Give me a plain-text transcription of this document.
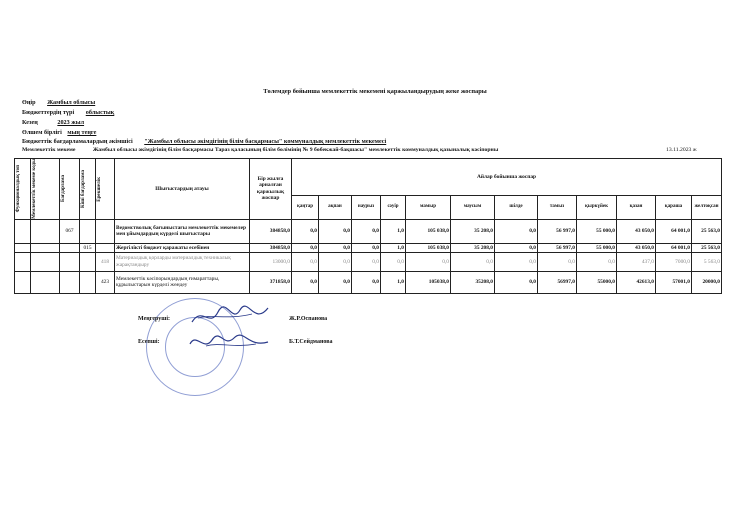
Төлемдер бойынша мемлекеттік мекемені қаржыландырудың жеке жоспары
Өңір Жамбыл облысы
Бюджеттердің түрі облыстық
Кезең	2023 жыл
Өлшем бірлігі мың теңге
Бюджеттік бағдарламалардың әкімшісі "Жамбыл облысы әкімдігінің білім басқармасы" коммуналдық мемлекеттік мекемесі
Мемлекеттік мекеме	Жамбыл облысы әкімдігінің білім басқармасы Тараз қаласының білім бөлімінің № 9 бөбекжай-бақшасы" мемлекеттік коммуналдық қазыналық кәсіпорны	13.11.2023 ж
Функционалдық топ	Мемлекеттік мекеме коды	Бағдарлама	Кіші бағдарлама	Ерекшелік	Шығыстардың атауы	Бір жылға арналған қаржылық жоспар	Айлар бойынша жоспар											
							қаңтар	ақпан	наурыз	сәуір	мамыр	маусым	шілде	тамыз	қыркүйек	қазан	қараша	желтоқсан
		067			Ведомстволық бағыныстағы мемлекеттік мекемелер мен ұйымдардың күрделі шығыстары	384858,0	0,0	0,0	0,0	1,0	105 038,0	35 208,0	0,0	56 997,0	55 000,0	43 050,0	64 001,0	25 563,0
			015		Жергілікті бюджет қаражаты есебінен	384858,0	0,0	0,0	0,0	1,0	105 038,0	35 208,0	0,0	56 997,0	55 000,0	43 050,0	64 001,0	25 563,0
				418	Материалдық қорларды мәтериалдық техникалық жарақтандыру	13000,0	0,0	0,0	0,0	0,0	0,0	0,0	0,0	0,0	0,0	437,0	7000,0	5 563,0
				423	Мемлекеттік кәсіпорындардың ғимараттары, құрылыстарын күрделі жөндеу	371858,0	0,0	0,0	0,0	1,0	105038,0	35208,0	0,0	56997,0	55000,0	42613,0	57001,0	20000,0
Меңгеруші:	Ж.Р.Оспанова
Есепші:	Б.Т.Сейдманова
